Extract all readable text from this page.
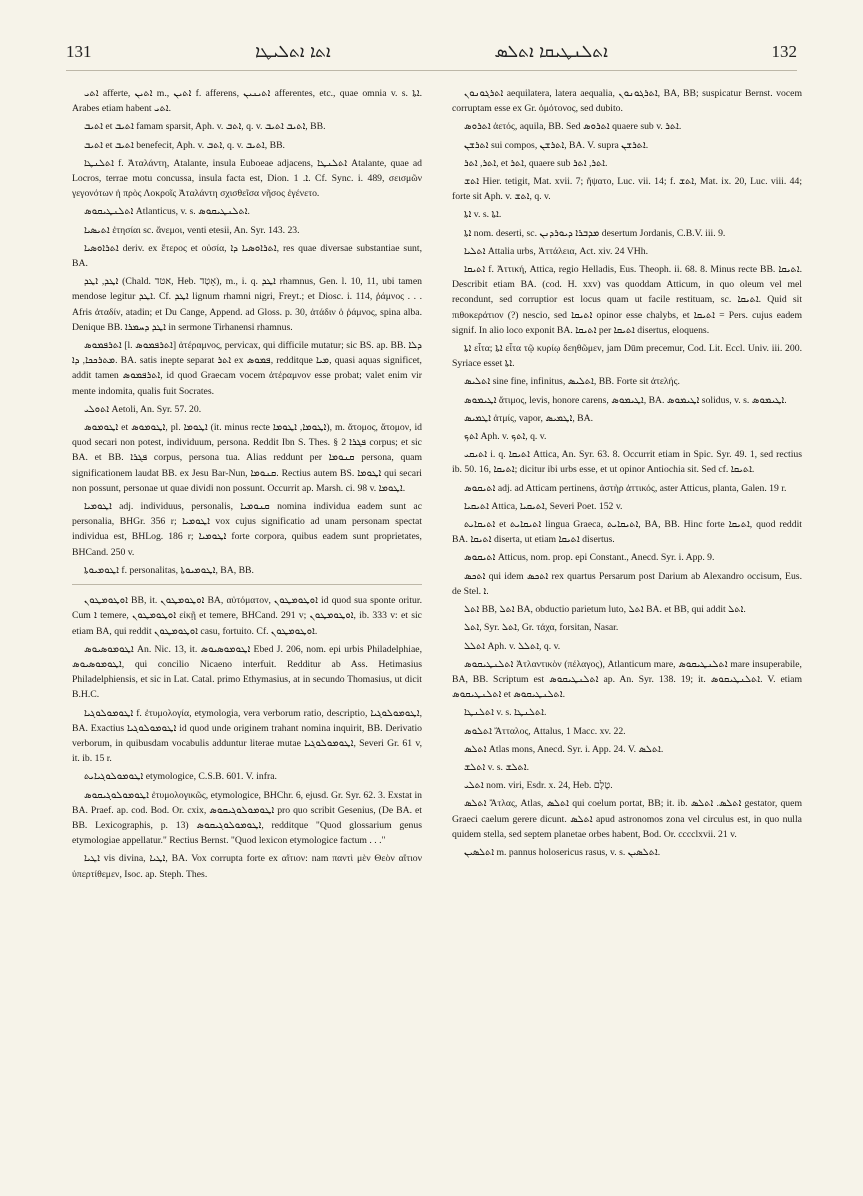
131	ܐܬܐ ܐܬܠܝܛܐ	ܐܬܠܢܛܝܩܐ ܐܬܠܣ	132

ܐܬܝ afferte, ܐܬܝܢ m., ܐܬܝܢ f. afferens, ܐܬܝܢܝܢ afferentes, etc., quae omnia v. s. ܐܬܐ. Arabes etiam habent ܐܬܝ.

ܐܬܝܒ et ܐܬܝܒ famam sparsit, Aph. v. ܐܬܒ, q. v. ܐܬܝܒ ܐܬܝܒ, BB.

ܐܬܝܒ et ܐܬܝܒ benefecit, Aph. v. ܐܬܒ, q. v. ܐܬܝܒ, BB.

ܐܬܠܢܛܐ f. Ἀταλάντη, Atalante, insula Euboeae adjacens, ܐܬܠܢܛܐ Atalante, quae ad Locros, terrae motu concussa, insula facta est, Dion. ܐ. 1. Cf. Sync. i. 489, σεισμῶν γεγονότων ἡ πρὸς Λοκροῖς Ἀταλάντη σχισθεῖσα νῆσος ἐγένετο.

ܐܬܠܢܛܝܩܘܣ Atlanticus, v. s. ܐܬܠܢܛܝܩܘܣ.

ܐܬܝܣܝܐ ἐτησίαι sc. ἄνεμοι, venti etesii, An. Syr. 143. 23.

ܐܬܪܐܘܣܝܐ deriv. ex ἕτερος et οὐσία, ܐܬܪܐܘܣܝܐ ܕܐ, res quae diversae substantiae sunt, BA.

ܐܛܕ, ܐܛܕ (Chald. אטד, Heb. אָטָד), m., i. q. ܐܛܕ rhamnus, Gen. l. 10, 11, ubi tamen mendose legitur ܐܛܕ. Cf. ܐܛܕ lignum rhamni nigri, Freyt.; et Diosc. i. 114, ῥάμνος . . . Afris ἀταδίν, atadin; et Du Cange, Append. ad Gloss. p. 30, ἀτάδιν ὁ ῥάμνος, spina alba. Denique BB. ܐܛܕ ܕܚܡܪܐ in sermone Tirhanensi rhamnus.

ܐܬܪܦܡܘܣ [l. ܐܬܪܦܡܘܣ] ἀτέραμνος, pervicax, qui difficile mutatur; sic BS. ap. BB. ܕܠܐ ܡܬܪܟܟܐ, ܕܐ. BA. satis inepte separat ܐܬܪ ex ܦܡܘܣ, redditque ܡܝܐ, quasi aquas significet, addit tamen ܐܬܪܦܡܘܣ, id quod Graecam vocem ἀτέραμνον esse probat; valet enim vir mente indomita, qualis fuit Socrates.

ܐܬܘܠܝ Aetoli, An. Syr. 57. 20.

ܐܛܘܡܘܣ et ܐܛܘܡܘܣ, pl. ܐܛܘܡܐ (it. minus recte ܐܛܘܡܐ, ܐܛܘܡܐ), m. ἄτομος, ἄτομον, id quod secari non potest, individuum, persona. Reddit Ibn S. Thes. § 2 ܦܓܪܐ corpus; et sic BA. et BB. ܦܓܪܐ corpus, persona tua. Alias reddunt per ܩܢܘܡܐ persona, quam significationem laudat BB. ex Jesu Bar-Nun, ܩܢܘܡܐ. Rectius autem BS. ܐܛܘܡܐ qui secari non possunt, personae ut quae dividi non possunt. Occurrit ap. Marsh. ci. 98 v. ܐܛܘܡܐ.

ܐܛܘܡܝܐ adj. individuus, personalis, ܩܢܘܡܝܐ nomina individua eadem sunt ac personalia, BHGr. 356 r; ܐܛܘܡܝܐ vox cujus significatio ad unam personam spectat individua est, BHLog. 186 r; ܐܛܘܡܝܐ forte corpora, quibus eadem sunt proprietates, BHCand. 250 v.

ܐܛܘܡܝܘܬܐ f. personalitas, ܐܛܘܡܝܘܬܐ, BA, BB.

ܐܘܛܘܡܛܘܢ BB, it. ܐܘܛܘܡܛܘܢ BA, αὐτόματον, ܐܘܛܘܡܛܘܢ id quod sua sponte oritur. Cum ܐ temere, ܐܘܛܘܡܛܘܢ εἰκῇ et temere, BHCand. 291 v; ܐܘܛܘܡܛܘܢ, ib. 333 v: et sic etiam BA, qui reddit ܐܘܛܘܡܛܘܢ casu, fortuito. Cf. ܐܘܛܘܡܛܘܢ.

ܐܛܘܡܘܣܝܘܣ An. Nic. 13, it. ܐܛܘܡܘܣܝܘܣ Ebed J. 206, nom. epi urbis Philadelphiae, ܐܛܘܡܘܣܝܘܣ, qui concilio Nicaeno interfuit. Redditur ab Ass. Hetimasius Philadelphiensis, et sic in Lat. Catal. primo Ethymasius, at in secundo Thomasius, ut dicit B.H.C.

ܐܛܘܡܘܠܘܓܝܐ f. ἐτυμολογία, etymologia, vera verborum ratio, descriptio, ܐܛܘܡܘܠܘܓܝܐ, BA. Exactius ܐܛܘܡܘܠܘܓܝܐ id quod unde originem trahant nomina inquirit, BB. Derivatio verborum, in quibusdam vocabulis adduntur literae mutae ܐܛܘܡܘܠܘܓܝܐ, Severi Gr. 61 v, it. ib. 15 r.

ܐܛܘܡܘܠܘܓܝܐܝܬ etymologice, C.S.B. 601. V. infra.

ܐܛܘܡܘܠܘܓܝܩܘܣ ἐτυμολογικῶς, etymologice, BHChr. 6, ejusd. Gr. Syr. 62. 3. Exstat in BA. Praef. ap. cod. Bod. Or. cxix, ܐܛܘܡܘܠܘܓܝܩܘܣ pro quo scribit Gesenius, (De BA. et BB. Lexicographis, p. 13) ܐܛܘܡܘܠܘܓܝܩܘܣ, redditque "Quod glossarium genus etymologiae appellatur." Rectius Bernst. "Quod lexicon etymologice factum . . ."

ܐܛܝܐ vis divina, ܐܛܝܐ, BA. Vox corrupta forte ex αἴτιον: nam παντὶ μὲν Θεὸν αἴτιον ὑπερτίθεμεν, Isoc. ap. Steph. Thes.

ܐܬܪܓܘܢܘܢ aequilatera, latera aequalia, ܐܬܪܓܘܢܘܢ, BA, BB; suspicatur Bernst. vocem corruptam esse ex Gr. ὁμότονος, sed dubito.

ܐܬܪܘܣ ἀετός, aquila, BB. Sed ܐܬܪܘܣ quaere sub v. ܐܬܪ.

ܐܬܪܫܢ sui compos, ܐܬܪܫܢ, BA. V. supra ܐܬܪܫܢ.

ܐܬܪ, ܐܬܪ, et ܐܬܪ, quaere sub ܐܬܪ, ܐܬܪ.

ܐܬܫ Hier. tetigit, Mat. xvii. 7; ἥψατο, Luc. vii. 14; f. ܐܬܫ, Mat. ix. 20, Luc. viii. 44; forte sit Aph. v. ܐܬܫ, q. v.

ܐܬܐ v. s. ܐܬܐ.

ܐܬܐ nom. deserti, sc. ܡܕܒܪܐ ܕܝܘܪܕܢܢ desertum Jordanis, C.B.V. iii. 9.

ܐܬܠܝܐ Attalia urbs, Ἀττάλεια, Act. xiv. 24 VHh.

ܐܬܝܩܐ f. Ἀττική, Attica, regio Helladis, Eus. Theoph. ii. 68. 8. Minus recte BB. ܐܬܝܩܐ. Describit etiam BA. (cod. H. xxv) vas quoddam Atticum, in quo oleum vel mel recondunt, sed corruptior est locus quam ut facile restituam, sc. ܐܬܝܩܐ. Quid sit πιθοκεράτιον (?) nescio, sed ܐܬܝܩܐ opinor esse chalybs, et ܐܬܝܩܐ = Pers. cujus eadem signif. In alio loco exponit BA. ܐܬܝܩܐ per ܐܬܝܩܐ disertus, eloquens.

ܐܬܐ εἶτα; ܐܬܐ εἶτα τῷ κυρίῳ δεηθῶμεν, jam Dūm precemur, Cod. Lit. Eccl. Univ. iii. 200. Syriace esset ܐܬܐ.

ܐܬܠܝܣ sine fine, infinitus, ܐܬܠܝܣ, BB. Forte sit ἀτελής.

ܐܛܝܡܘܣ ἄτιμος, levis, honore carens, ܐܛܝܡܘܣ, BA. ܐܛܝܡܘܣ solidus, v. s. ܐܛܝܡܘܣ.

ܐܛܡܝܣ ἀτμίς, vapor, ܐܛܡܝܣ, BA.

ܐܬܟ Aph. v. ܐܬܟ, q. v.

ܐܬܝܩܝ i. q. ܐܬܝܩܐ Attica, An. Syr. 63. 8. Occurrit etiam in Spic. Syr. 49. 1, sed rectius ib. 50. 16, ܐܬܝܩܐ; dicitur ibi urbs esse, et ut opinor Antiochia sit. Sed cf. ܐܬܝܩܐ.

ܐܬܝܩܘܣ adj. ad Atticam pertinens, ἀστὴρ ἀττικός, aster Atticus, planta, Galen. 19 r.

ܐܬܝܩܝܐ Attica, ܐܬܝܩܝܐ, Severi Poet. 152 v.

ܐܬܝܩܐܝܬ et ܐܬܝܩܐܝܬ lingua Graeca, ܐܬܝܩܐܝܬ, BA, BB. Hinc forte ܐܬܝܩܐ, quod reddit BA. ܐܬܝܩܐ diserta, ut etiam ܐܬܝܩܐ disertus.

ܐܬܝܩܘܣ Atticus, nom. prop. epi Constant., Anecd. Syr. i. App. 9.

ܐܬܟܣ qui idem ܐܬܟܣ rex quartus Persarum post Darium ab Alexandro occisum, Eus. de Stel. ܐ.

ܐܬܠ BB, ܐܬܠ BA, obductio parietum luto, ܐܬܠ BA. et BB, qui addit ܐܬܠ.

ܐܬܠ, Syr. ܐܬܠ, Gr. τάχα, forsitan, Nasar.

ܐܬܠܠ Aph. v. ܐܬܠܠ, q. v.

ܐܬܠܢܛܝܩܘܣ Ἀτλαντικὸν (πέλαγος), Atlanticum mare, ܐܬܠܢܛܝܩܘܣ mare insuperabile, BA, BB. Scriptum est ܐܬܠܢܛܝܩܘܣ ap. An. Syr. 138. 19; it. ܐܬܠܢܛܝܩܘܣ. V. etiam ܐܬܠܢܛܝܩܘܣ et ܐܬܠܢܛܝܩܘܣ.

ܐܬܠܢܛܐ v. s. ܐܬܠܢܛܐ.

ܐܬܠܘܣ Ἄτταλος, Attalus, 1 Macc. xv. 22.

ܐܬܠܣ Atlas mons, Anecd. Syr. i. App. 24. V. ܐܬܠܣ.

ܐܬܠܫ v. s. ܐܬܠܫ.

ܐܬܠܝ nom. viri, Esdr. x. 24, Heb. טֶלֶם.

ܐܬܠܣ Ἄτλας, Atlas, ܐܬܠܣ qui coelum portat, BB; it. ib. ܐܬܠܣ. ܐܬܠܣ gestator, quem Graeci caelum gerere dicunt. ܐܬܠܣ apud astronomos zona vel circulus est, in quo nulla quidem stella, sed septem planetae orbes habent, Bod. Or. cccclxvii. 21 v.

ܐܬܠܣܝܢ m. pannus holosericus rasus, v. s. ܐܬܠܣܝܢ.
